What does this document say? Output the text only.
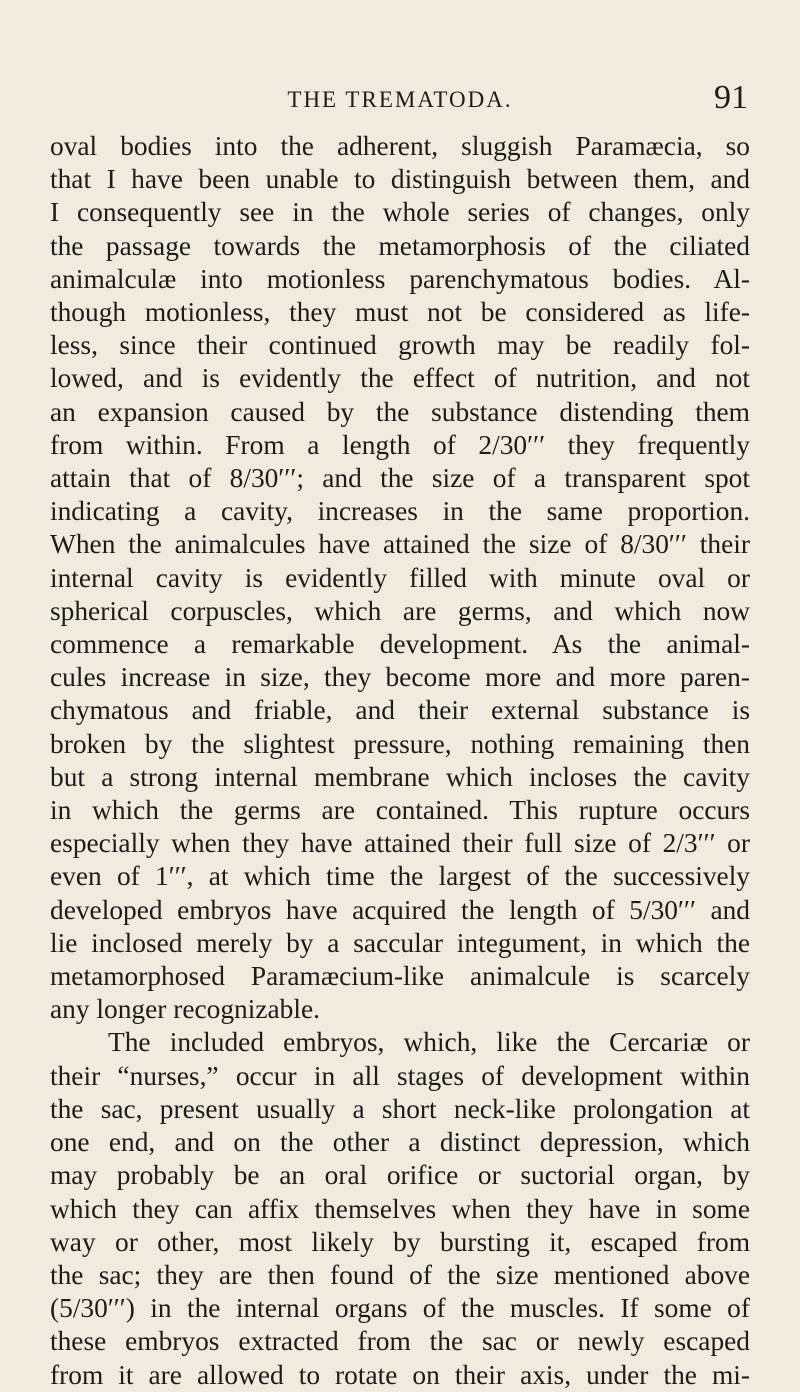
THE TREMATODA.	91
oval bodies into the adherent, sluggish Paramæcia, so
that I have been unable to distinguish between them, and
I consequently see in the whole series of changes, only
the passage towards the metamorphosis of the ciliated
animalculæ into motionless parenchymatous bodies. Al-
though motionless, they must not be considered as life-
less, since their continued growth may be readily fol-
lowed, and is evidently the effect of nutrition, and not
an expansion caused by the substance distending them
from within. From a length of 2/30′′′ they frequently
attain that of 8/30′′′; and the size of a transparent spot
indicating a cavity, increases in the same proportion.
When the animalcules have attained the size of 8/30′′′ their
internal cavity is evidently filled with minute oval or
spherical corpuscles, which are germs, and which now
commence a remarkable development. As the animal-
cules increase in size, they become more and more paren-
chymatous and friable, and their external substance is
broken by the slightest pressure, nothing remaining then
but a strong internal membrane which incloses the cavity
in which the germs are contained. This rupture occurs
especially when they have attained their full size of 2/3′′′ or
even of 1′′′, at which time the largest of the successively
developed embryos have acquired the length of 5/30′′′ and
lie inclosed merely by a saccular integument, in which the
metamorphosed Paramæcium-like animalcule is scarcely
any longer recognizable.
The included embryos, which, like the Cercariæ or
their “nurses,” occur in all stages of development within
the sac, present usually a short neck-like prolongation at
one end, and on the other a distinct depression, which
may probably be an oral orifice or suctorial organ, by
which they can affix themselves when they have in some
way or other, most likely by bursting it, escaped from
the sac; they are then found of the size mentioned above
(5/30′′′) in the internal organs of the muscles. If some of
these embryos extracted from the sac or newly escaped
from it are allowed to rotate on their axis, under the mi-
